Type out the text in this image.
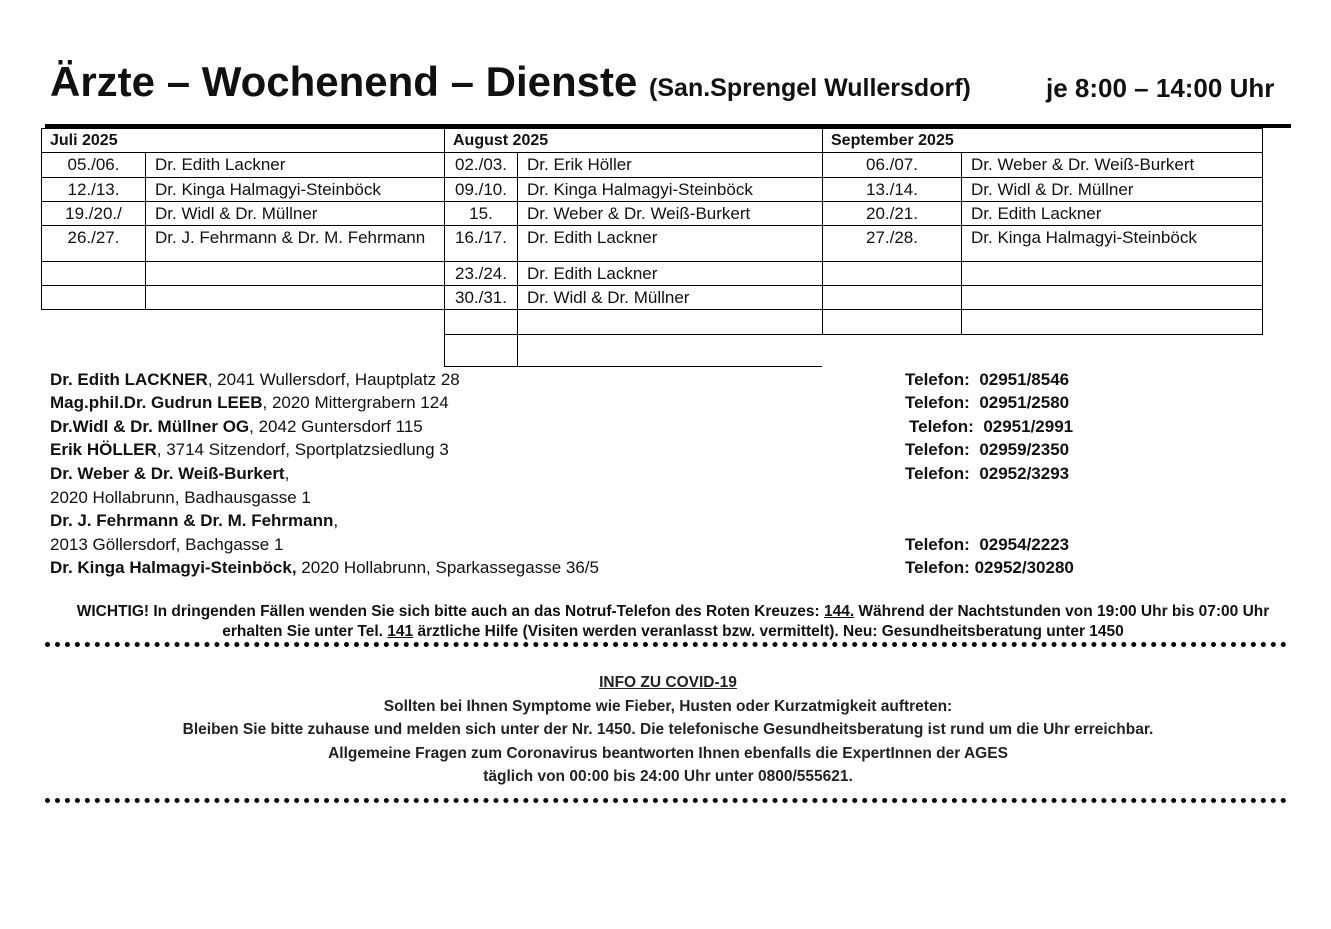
Ärzte – Wochenend – Dienste (San.Sprengel Wullersdorf)	je 8:00 – 14:00 Uhr
Juli 2025
05./06.	Dr. Edith Lackner
12./13.	Dr. Kinga Halmagyi-Steinböck
19./20./	Dr. Widl & Dr. Müllner
26./27.	Dr. J. Fehrmann & Dr. M. Fehrmann
August 2025
02./03.	Dr. Erik Höller
09./10.	Dr. Kinga Halmagyi-Steinböck
15.	Dr. Weber & Dr. Weiß-Burkert
16./17.	Dr. Edith Lackner
23./24.	Dr. Edith Lackner
30./31.	Dr. Widl & Dr. Müllner
September 2025
06./07.	Dr. Weber & Dr. Weiß-Burkert
13./14.	Dr. Widl & Dr. Müllner
20./21.	Dr. Edith Lackner
27./28.	Dr. Kinga Halmagyi-Steinböck
Dr. Edith LACKNER, 2041 Wullersdorf, Hauptplatz 28	Telefon: 02951/8546
Mag.phil.Dr. Gudrun LEEB, 2020 Mittergrabern 124	Telefon: 02951/2580
Dr.Widl & Dr. Müllner OG, 2042 Guntersdorf 115	Telefon: 02951/2991
Erik HÖLLER, 3714 Sitzendorf, Sportplatzsiedlung 3	Telefon: 02959/2350
Dr. Weber & Dr. Weiß-Burkert,	Telefon: 02952/3293
2020 Hollabrunn, Badhausgasse 1
Dr. J. Fehrmann & Dr. M. Fehrmann,
2013 Göllersdorf, Bachgasse 1	Telefon: 02954/2223
Dr. Kinga Halmagyi-Steinböck, 2020 Hollabrunn, Sparkassegasse 36/5	Telefon: 02952/30280
WICHTIG! In dringenden Fällen wenden Sie sich bitte auch an das Notruf-Telefon des Roten Kreuzes: 144. Während der Nachtstunden von 19:00 Uhr bis 07:00 Uhr erhalten Sie unter Tel. 141 ärztliche Hilfe (Visiten werden veranlasst bzw. vermittelt). Neu: Gesundheitsberatung unter 1450
INFO ZU COVID-19
Sollten bei Ihnen Symptome wie Fieber, Husten oder Kurzatmigkeit auftreten:
Bleiben Sie bitte zuhause und melden sich unter der Nr. 1450. Die telefonische Gesundheitsberatung ist rund um die Uhr erreichbar.
Allgemeine Fragen zum Coronavirus beantworten Ihnen ebenfalls die ExpertInnen der AGES
täglich von 00:00 bis 24:00 Uhr unter 0800/555621.
